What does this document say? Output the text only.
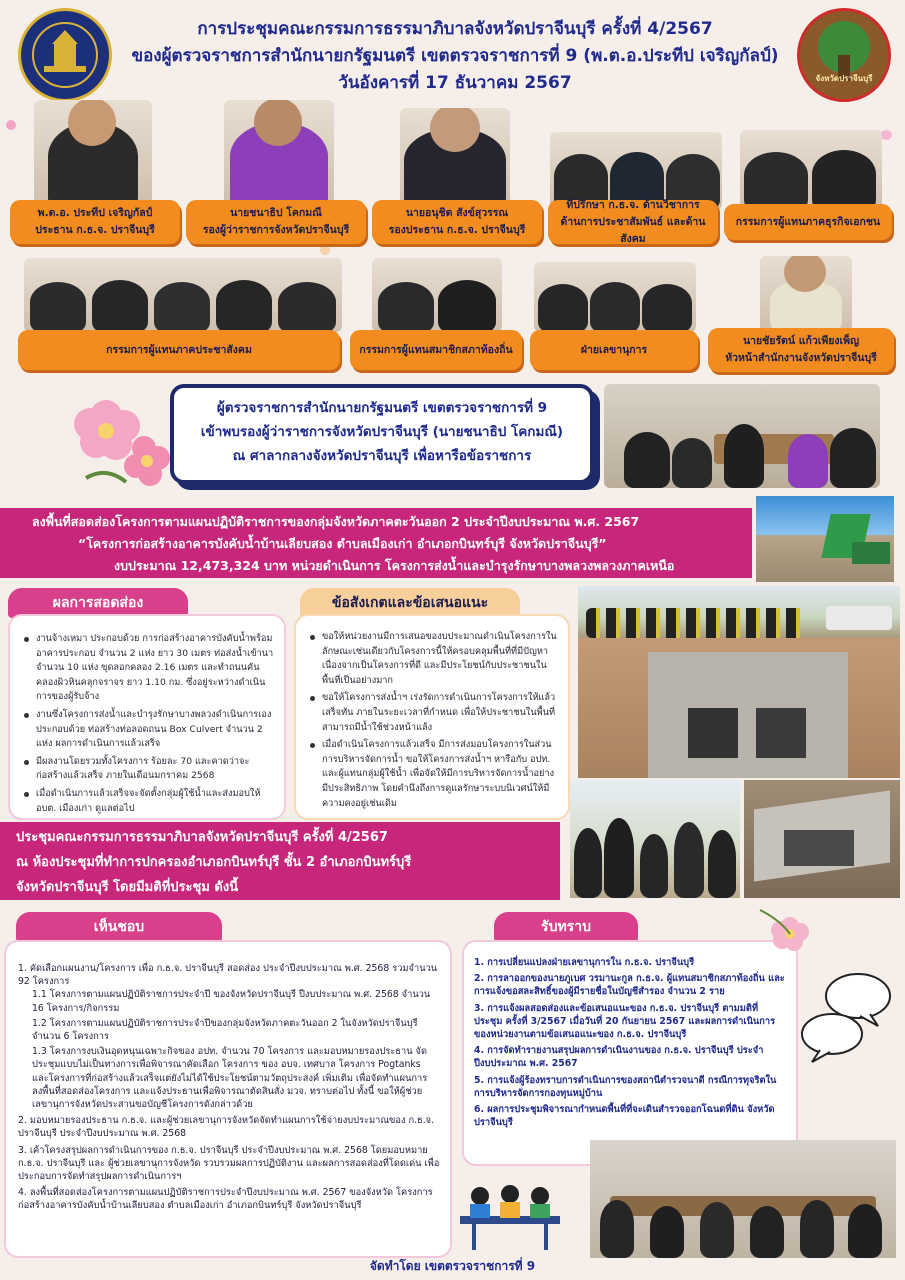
จังหวัดปราจีนบุรี
การประชุมคณะกรรมการธรรมาภิบาลจังหวัดปราจีนบุรี ครั้งที่ 4/2567
ของผู้ตรวจราชการสำนักนายกรัฐมนตรี เขตตรวจราชการที่ 9 (พ.ต.อ.ประทีป เจริญกัลป์)
วันอังคารที่ 17 ธันวาคม 2567
พ.ต.อ. ประทีป เจริญกัลป์
ประธาน ก.ธ.จ. ปราจีนบุรี
นายชนาธิป โคกมณี
รองผู้ว่าราชการจังหวัดปราจีนบุรี
นายอนุชิต สังข์สุวรรณ
รองประธาน ก.ธ.จ. ปราจีนบุรี
ที่ปรึกษา ก.ธ.จ. ด้านวิชาการ
ด้านการประชาสัมพันธ์ และด้านสังคม
กรรมการผู้แทนภาคธุรกิจเอกชน
กรรมการผู้แทนภาคประชาสังคม	กรรมการผู้แทนสมาชิกสภาท้องถิ่น	ฝ่ายเลขานุการ
นายชัยรัตน์ แก้วเพียงเพ็ญ
หัวหน้าสำนักงานจังหวัดปราจีนบุรี
ผู้ตรวจราชการสำนักนายกรัฐมนตรี เขตตรวจราชการที่ 9
เข้าพบรองผู้ว่าราชการจังหวัดปราจีนบุรี (นายชนาธิป โคกมณี)
ณ ศาลากลางจังหวัดปราจีนบุรี เพื่อหารือข้อราชการ
ลงพื้นที่สอดส่องโครงการตามแผนปฏิบัติราชการของกลุ่มจังหวัดภาคตะวันออก 2 ประจำปีงบประมาณ พ.ศ. 2567
“โครงการก่อสร้างอาคารบังคับน้ำบ้านเลียบสอง ตำบลเมืองเก่า อำเภอกบินทร์บุรี จังหวัดปราจีนบุรี”
งบประมาณ 12,473,324 บาท หน่วยดำเนินการ โครงการส่งน้ำและบำรุงรักษาบางพลวงพลวงภาคเหนือ
ผลการสอดส่อง
งานจ้างเหมา ประกอบด้วย การก่อสร้างอาคารบังคับน้ำพร้อมอาคารประกอบ จำนวน 2 แห่ง ยาว 30 เมตร ท่อส่งน้ำเข้านา จำนวน 10 แห่ง ขุดลอกคลอง 2.16 เมตร และทำถนนคันคลองผิวหินคลุกจราจร ยาว 1.10 กม. ซึ่งอยู่ระหว่างดำเนินการของผู้รับจ้าง
งานซึ่งโครงการส่งน้ำและบำรุงรักษาบางพลวงดำเนินการเอง ประกอบด้วย ท่อสร้างท่อลอดถนน Box Culvert จำนวน 2 แห่ง ผลการดำเนินการแล้วเสร็จ
มีผลงานโดยรวมทั้งโครงการ ร้อยละ 70 และคาดว่าจะก่อสร้างแล้วเสร็จ ภายในเดือนมกราคม 2568
เมื่อดำเนินการแล้วเสร็จจะจัดตั้งกลุ่มผู้ใช้น้ำและส่งมอบให้ อบต. เมืองเก่า ดูแลต่อไป
ข้อสังเกตและข้อเสนอแนะ
ขอให้หน่วยงานมีการเสนอของบประมาณดำเนินโครงการในลักษณะเช่นเดียวกับโครงการนี้ให้ครอบคลุมพื้นที่ที่มีปัญหา เนื่องจากเป็นโครงการที่ดี และมีประโยชน์กับประชาชนในพื้นที่เป็นอย่างมาก
ขอให้โครงการส่งน้ำฯ เร่งรัดการดำเนินการโครงการให้แล้วเสร็จทัน ภายในระยะเวลาที่กำหนด เพื่อให้ประชาชนในพื้นที่สามารถมีน้ำใช้ช่วงหน้าแล้ง
เมื่อดำเนินโครงการแล้วเสร็จ มีการส่งมอบโครงการในส่วนการบริหารจัดการน้ำ ขอให้โครงการส่งน้ำฯ หารือกับ อปท. และผู้แทนกลุ่มผู้ใช้น้ำ เพื่อจัดให้มีการบริหารจัดการน้ำอย่างมีประสิทธิภาพ โดยคำนึงถึงการดูแลรักษาระบบนิเวศน์ให้มีความคงอยู่เช่นเดิม
ประชุมคณะกรรมการธรรมาภิบาลจังหวัดปราจีนบุรี ครั้งที่ 4/2567
ณ ห้องประชุมที่ทำการปกครองอำเภอกบินทร์บุรี ชั้น 2 อำเภอกบินทร์บุรี
จังหวัดปราจีนบุรี โดยมีมติที่ประชุม ดังนี้
เห็นชอบ
1. คัดเลือกแผนงาน/โครงการ เพื่อ ก.ธ.จ. ปราจีนบุรี สอดส่อง ประจำปีงบประมาณ พ.ศ. 2568 รวมจำนวน 92 โครงการ
1.1 โครงการตามแผนปฏิบัติราชการประจำปี ของจังหวัดปราจีนบุรี ปีงบประมาณ พ.ศ. 2568 จำนวน 16 โครงการ/กิจกรรม
1.2 โครงการตามแผนปฏิบัติราชการประจำปีของกลุ่มจังหวัดภาคตะวันออก 2 ในจังหวัดปราจีนบุรี จำนวน 6 โครงการ
1.3 โครงการงบเงินอุดหนุนเฉพาะกิจของ อปท. จำนวน 70 โครงการ และมอบหมายรองประธาน จัดประชุมแบบไม่เป็นทางการเพื่อพิจารณาคัดเลือก โครงการ ของ อบจ. เทศบาล โครงการ Pogtanks และโครงการที่ก่อสร้างแล้วเสร็จแต่ยังไม่ได้ใช้ประโยชน์ตามวัตถุประสงค์ เพิ่มเติม เพื่อจัดทำแผนการลงพื้นที่สอดส่องโครงการ และแจ้งประธานเพื่อพิจารณาตัดสินสั่ง มวจ. ทราบต่อไป ทั้งนี้ ขอให้ผู้ช่วยเลขานุการจังหวัดประสานขอบัญชีโครงการดังกล่าวด้วย
2. มอบหมายรองประธาน ก.ธ.จ. และผู้ช่วยเลขานุการจังหวัดจัดทำแผนการใช้จ่ายงบประมาณของ ก.ธ.จ. ปราจีนบุรี ประจำปีงบประมาณ พ.ศ. 2568
3. เค้าโครงสรุปผลการดำเนินการของ ก.ธ.จ. ปราจีนบุรี ประจำปีงบประมาณ พ.ศ. 2568 โดยมอบหมาย ก.ธ.จ. ปราจีนบุรี และ ผู้ช่วยเลขานุการจังหวัด รวบรวมผลการปฏิบัติงาน และผลการสอดส่องที่โดดเด่น เพื่อประกอบการจัดทำสรุปผลการดำเนินการฯ
4. ลงพื้นที่สอดส่องโครงการตามแผนปฏิบัติราชการประจำปีงบประมาณ พ.ศ. 2567 ของจังหวัด โครงการก่อสร้างอาคารบังคับน้ำบ้านเลียบสอง ตำบลเมืองเก่า อำเภอกบินทร์บุรี จังหวัดปราจีนบุรี
รับทราบ
1. การเปลี่ยนแปลงฝ่ายเลขานุการใน ก.ธ.จ. ปราจีนบุรี
2. การลาออกของนายภูเบศ วรมานะกูล ก.ธ.จ. ผู้แทนสมาชิกสภาท้องถิ่น และการแจ้งขอสละสิทธิ์ของผู้มีรายชื่อในบัญชีสำรอง จำนวน 2 ราย
3. การแจ้งผลสอดส่องและข้อเสนอแนะของ ก.ธ.จ. ปราจีนบุรี ตามมติที่ประชุม ครั้งที่ 3/2567 เมื่อวันที่ 20 กันยายน 2567 และผลการดำเนินการของหน่วยงานตามข้อเสนอแนะของ ก.ธ.จ. ปราจีนบุรี
4. การจัดทำรายงานสรุปผลการดำเนินงานของ ก.ธ.จ. ปราจีนบุรี ประจำปีงบประมาณ พ.ศ. 2567
5. การแจ้งผู้ร้องทราบการดำเนินการของสถานีตำรวจนาดี กรณีการทุจริตในการบริหารจัดการกองทุนหมู่บ้าน
6. ผลการประชุมพิจารณากำหนดพื้นที่ที่จะเดินสำรวจออกโฉนดที่ดิน จังหวัดปราจีนบุรี
จัดทำโดย เขตตรวจราชการที่ 9
